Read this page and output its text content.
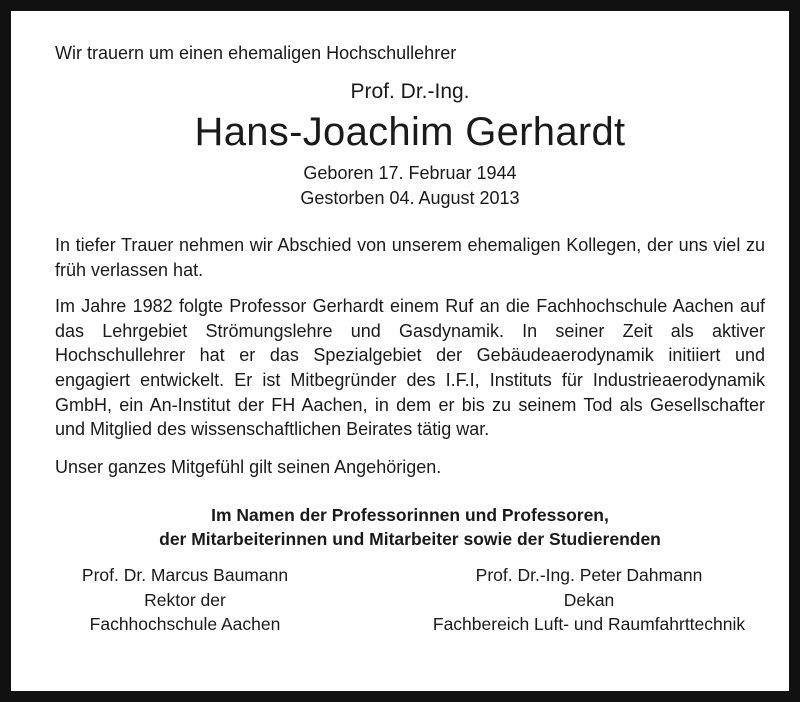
Wir trauern um einen ehemaligen Hochschullehrer

Prof. Dr.-Ing.
Hans-Joachim Gerhardt
Geboren 17. Februar 1944
Gestorben 04. August 2013

In tiefer Trauer nehmen wir Abschied von unserem ehemaligen Kollegen, der uns viel zu früh verlassen hat.

Im Jahre 1982 folgte Professor Gerhardt einem Ruf an die Fachhochschule Aachen auf das Lehrgebiet Strömungslehre und Gasdynamik. In seiner Zeit als aktiver Hochschullehrer hat er das Spezialgebiet der Gebäudeaerodynamik initiiert und engagiert entwickelt. Er ist Mitbegründer des I.F.I, Instituts für Industrieaerodynamik GmbH, ein An-Institut der FH Aachen, in dem er bis zu seinem Tod als Gesellschafter und Mitglied des wissenschaftlichen Beirates tätig war.

Unser ganzes Mitgefühl gilt seinen Angehörigen.

Im Namen der Professorinnen und Professoren,
der Mitarbeiterinnen und Mitarbeiter sowie der Studierenden
Prof. Dr. Marcus Baumann
Rektor der
Fachhochschule Aachen
Prof. Dr.-Ing. Peter Dahmann
Dekan
Fachbereich Luft- und Raumfahrttechnik
